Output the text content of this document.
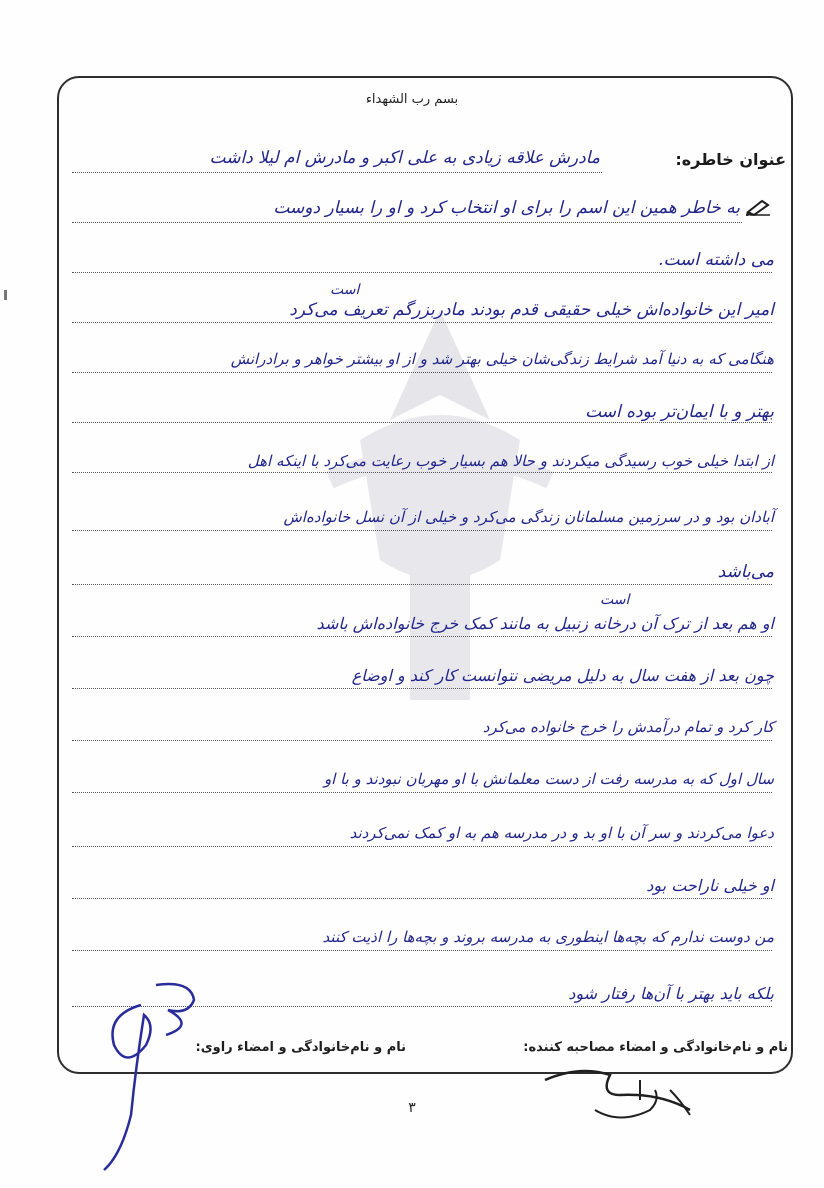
بسم رب الشهداء
عنوان خاطره:
مادرش علاقه زیادی به علی اکبر و مادرش ام لیلا داشت
به خاطر همین این اسم را برای او انتخاب کرد و او را بسیار دوست
می داشته است.
امیر این خانواده‌اش خیلی حقیقی قدم بودند مادربزرگم تعریف می‌کرد
است
هنگامی که به دنیا آمد شرایط زندگی‌شان خیلی بهتر شد و از او بیشتر خواهر و برادرانش
بهتر و با ایمان‌تر بوده است
از ابتدا خیلی خوب رسیدگی میکردند و حالا هم بسیار خوب رعایت می‌کرد با اینکه اهل
آبادان بود و در سرزمین مسلمانان زندگی می‌کرد و خیلی از آن نسل خانواده‌اش
می‌باشد
او هم بعد از ترک آن درخانه زنبیل به مانند کمک خرج خانواده‌اش باشد
است
چون بعد از هفت سال به دلیل مریضی نتوانست کار کند و اوضاع
کار کرد و تمام درآمدش را خرج خانواده می‌کرد
سال اول که به مدرسه رفت از دست معلمانش با او مهربان نبودند و با او
دعوا می‌کردند و سر آن با او بد و در مدرسه هم به او کمک نمی‌کردند
او خیلی ناراحت بود
من دوست ندارم که بچه‌ها اینطوری به مدرسه بروند و بچه‌ها را اذیت کنند
بلکه باید بهتر با آن‌ها رفتار شود
نام و نام‌خانوادگی و امضاء مصاحبه کننده:
نام و نام‌خانوادگی و امضاء راوی:
۳
